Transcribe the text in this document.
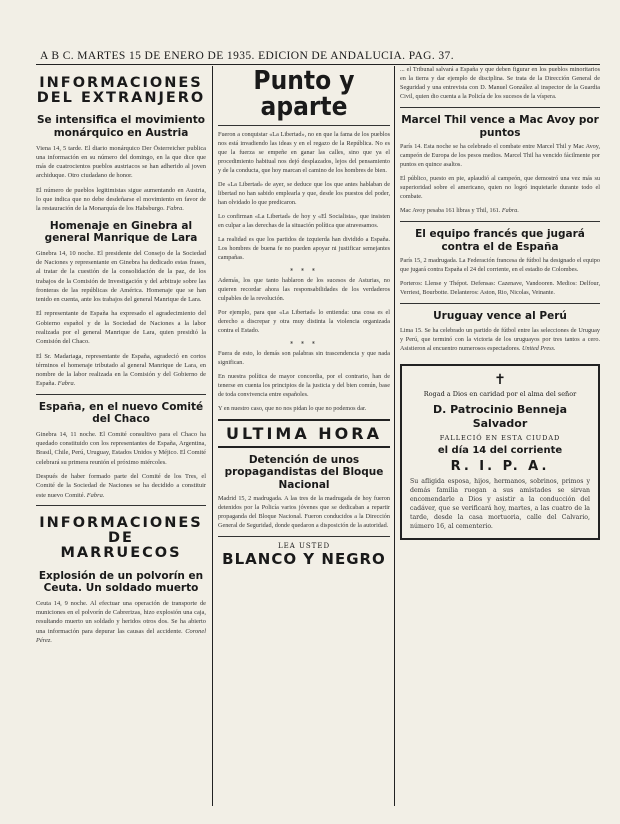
A B C. MARTES 15 DE ENERO DE 1935. EDICION DE ANDALUCIA. PAG. 37.
INFORMACIONES
DEL EXTRANJERO
Se intensifica el movimiento monárquico en Austria

Viena 14, 5 tarde. El diario monárquico Der Österreicher publica una información en su número del domingo, en la que dice que más de cuatrocientos pueblos austriacos se han adherido al joven archiduque. Otro ciudadano de honor.

El número de pueblos legitimistas sigue aumentando en Austria, lo que indica que no debe desdeñarse el movimiento en favor de la restauración de la Monarquía de los Habsburgo. Fabra.

Homenaje en Ginebra al general Manrique de Lara

Ginebra 14, 10 noche. El presidente del Consejo de la Sociedad de Naciones y representante en Ginebra ha dedicado estas frases, al tratar de la cuestión de la consolidación de la paz, de los trabajos de la Comisión de Investigación y del arbitraje sobre las fronteras de las repúblicas de América. Homenaje que se han tenido en cuenta, ante los trabajos del general Manrique de Lara.

El representante de España ha expresado el agradecimiento del Gobierno español y de la Sociedad de Naciones a la labor realizada por el general Manrique de Lara, quien presidió la Comisión del Chaco.

El Sr. Madariaga, representante de España, agradeció en cortos términos el homenaje tributado al general Manrique de Lara, en nombre de la labor realizada en la Comisión y del Gobierno de España. Fabra.

España, en el nuevo Comité del Chaco

Ginebra 14, 11 noche. El Comité consultivo para el Chaco ha quedado constituido con los representantes de España, Argentina, Brasil, Chile, Perú, Uruguay, Estados Unidos y Méjico. El Comité celebrará su primera reunión el próximo miércoles.

Después de haber formado parte del Comité de los Tres, el Comité de la Sociedad de Naciones se ha decidido a constituir este nuevo Comité. Fabra.

INFORMACIONES DE
MARRUECOS
Explosión de un polvorín en Ceuta. Un soldado muerto

Ceuta 14, 9 noche. Al efectuar una operación de transporte de municiones en el polvorín de Cabrerizas, hizo explosión una caja, resultando muerto un soldado y heridos otros dos. Se ha abierto una información para depurar las causas del accidente. Coronel Pérez.

Punto y aparte

Fueron a conquistar «La Libertad», no en que la fama de los pueblos nos está invadiendo las ideas y en el regazo de la República. No es que la fuerza se empeñe en ganar las calles, sino que ya el procedimiento habitual nos dejó desplazados, lejos del pensamiento y de la conducta, que hoy marcan el camino de los hombres de bien.

De «La Libertad» de ayer, se deduce que los que antes hablaban de libertad no han sabido emplearla y que, desde los puestos del poder, han olvidado lo que predicaron.

Lo confirman «La Libertad» de hoy y «El Socialista», que insisten en culpar a las derechas de la situación política que atravesamos.

La realidad es que los partidos de izquierda han dividido a España. Los hombres de buena fe no pueden apoyar ni justificar semejantes campañas.

* * *

Además, los que tanto hablaron de los sucesos de Asturias, no quieren recordar ahora las responsabilidades de los verdaderos culpables de la revolución.

Por ejemplo, para que «La Libertad» lo entienda: una cosa es el derecho a discrepar y otra muy distinta la violencia organizada contra el Estado.

* * *

Fuera de esto, lo demás son palabras sin trascendencia y que nada significan.

En nuestra política de mayor concordia, por el contrario, han de tenerse en cuenta los principios de la justicia y del bien común, base de toda convivencia entre españoles.

Y en nuestro caso, que no nos pidan lo que no podemos dar.

ULTIMA HORA
Detención de unos propagandistas del Bloque Nacional

Madrid 15, 2 madrugada. A las tres de la madrugada de hoy fueron detenidos por la Policía varios jóvenes que se dedicaban a repartir propaganda del Bloque Nacional. Fueron conducidos a la Dirección General de Seguridad, donde quedaron a disposición de la autoridad.

LEA USTED
BLANCO Y NEGRO

... el Tribunal salvará a España y que deben figurar en los pueblos minoritarios en la tierra y dar ejemplo de disciplina. Se trata de la Dirección General de Seguridad y una entrevista con D. Manuel González al inspector de la Guardia Civil, quien dio cuenta a la Policía de los sucesos de la víspera.

Marcel Thil vence a Mac Avoy por puntos

París 14. Esta noche se ha celebrado el combate entre Marcel Thil y Mac Avoy, campeón de Europa de los pesos medios. Marcel Thil ha vencido fácilmente por puntos en quince asaltos.

El público, puesto en pie, aplaudió al campeón, que demostró una vez más su superioridad sobre el americano, quien no logró inquietarle durante todo el combate.

Mac Avoy pesaba 161 libras y Thil, 161. Fabra.

El equipo francés que jugará contra el de España

París 15, 2 madrugada. La Federación francesa de fútbol ha designado el equipo que jugará contra España el 24 del corriente, en el estadio de Colombes.

Porteros: Llense y Thépot. Defensas: Cazenave, Vandooren. Medios: Delfour, Verriest, Bourbotte. Delanteros: Aston, Rio, Nicolas, Veinante.

Uruguay vence al Perú

Lima 15. Se ha celebrado un partido de fútbol entre las selecciones de Uruguay y Perú, que terminó con la victoria de los uruguayos por tres tantos a cero. Asistieron al encuentro numerosos espectadores. United Press.

✝
Rogad a Dios en caridad por el alma del señor
D. Patrocinio Benneja Salvador
FALLECIÓ EN ESTA CIUDAD
el día 14 del corriente
R. I. P. A.
Su afligida esposa, hijos, hermanos, sobrinos, primos y demás familia ruegan a sus amistades se sirvan encomendarle a Dios y asistir a la conducción del cadáver, que se verificará hoy, martes, a las cuatro de la tarde, desde la casa mortuoria, calle del Calvario, número 16, al cementerio.
